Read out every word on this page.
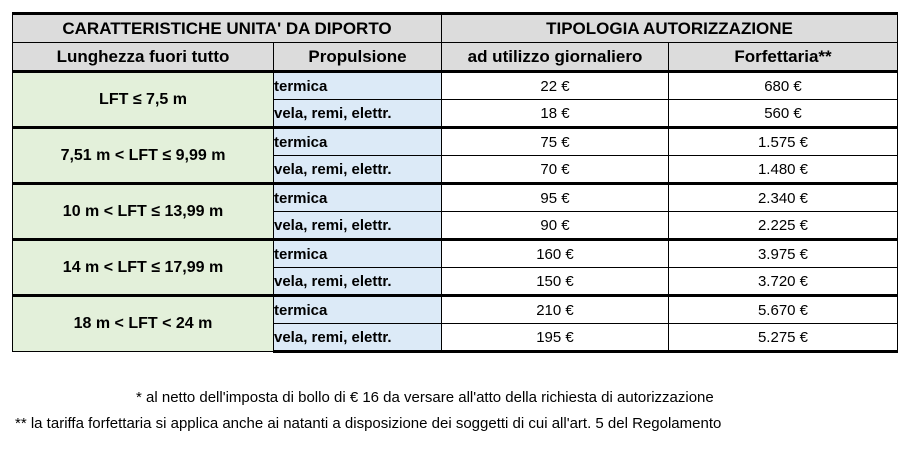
CARATTERISTICHE UNITA' DA DIPORTO		TIPOLOGIA AUTORIZZAZIONE	
Lunghezza fuori tutto	Propulsione	ad utilizzo giornaliero	Forfettaria**
LFT ≤ 7,5 m	termica	22 €	680 €
	vela, remi, elettr.	18 €	560 €
7,51 m < LFT ≤ 9,99 m	termica	75 €	1.575 €
	vela, remi, elettr.	70 €	1.480 €
10 m < LFT ≤ 13,99 m	termica	95 €	2.340 €
	vela, remi, elettr.	90 €	2.225 €
14 m < LFT ≤ 17,99 m	termica	160 €	3.975 €
	vela, remi, elettr.	150 €	3.720 €
18 m < LFT < 24 m	termica	210 €	5.670 €
	vela, remi, elettr.	195 €	5.275 €
* al netto dell'imposta di bollo di € 16 da versare all'atto della richiesta di autorizzazione
** la tariffa forfettaria si applica anche ai natanti a disposizione dei soggetti di cui all'art. 5 del Regolamento
